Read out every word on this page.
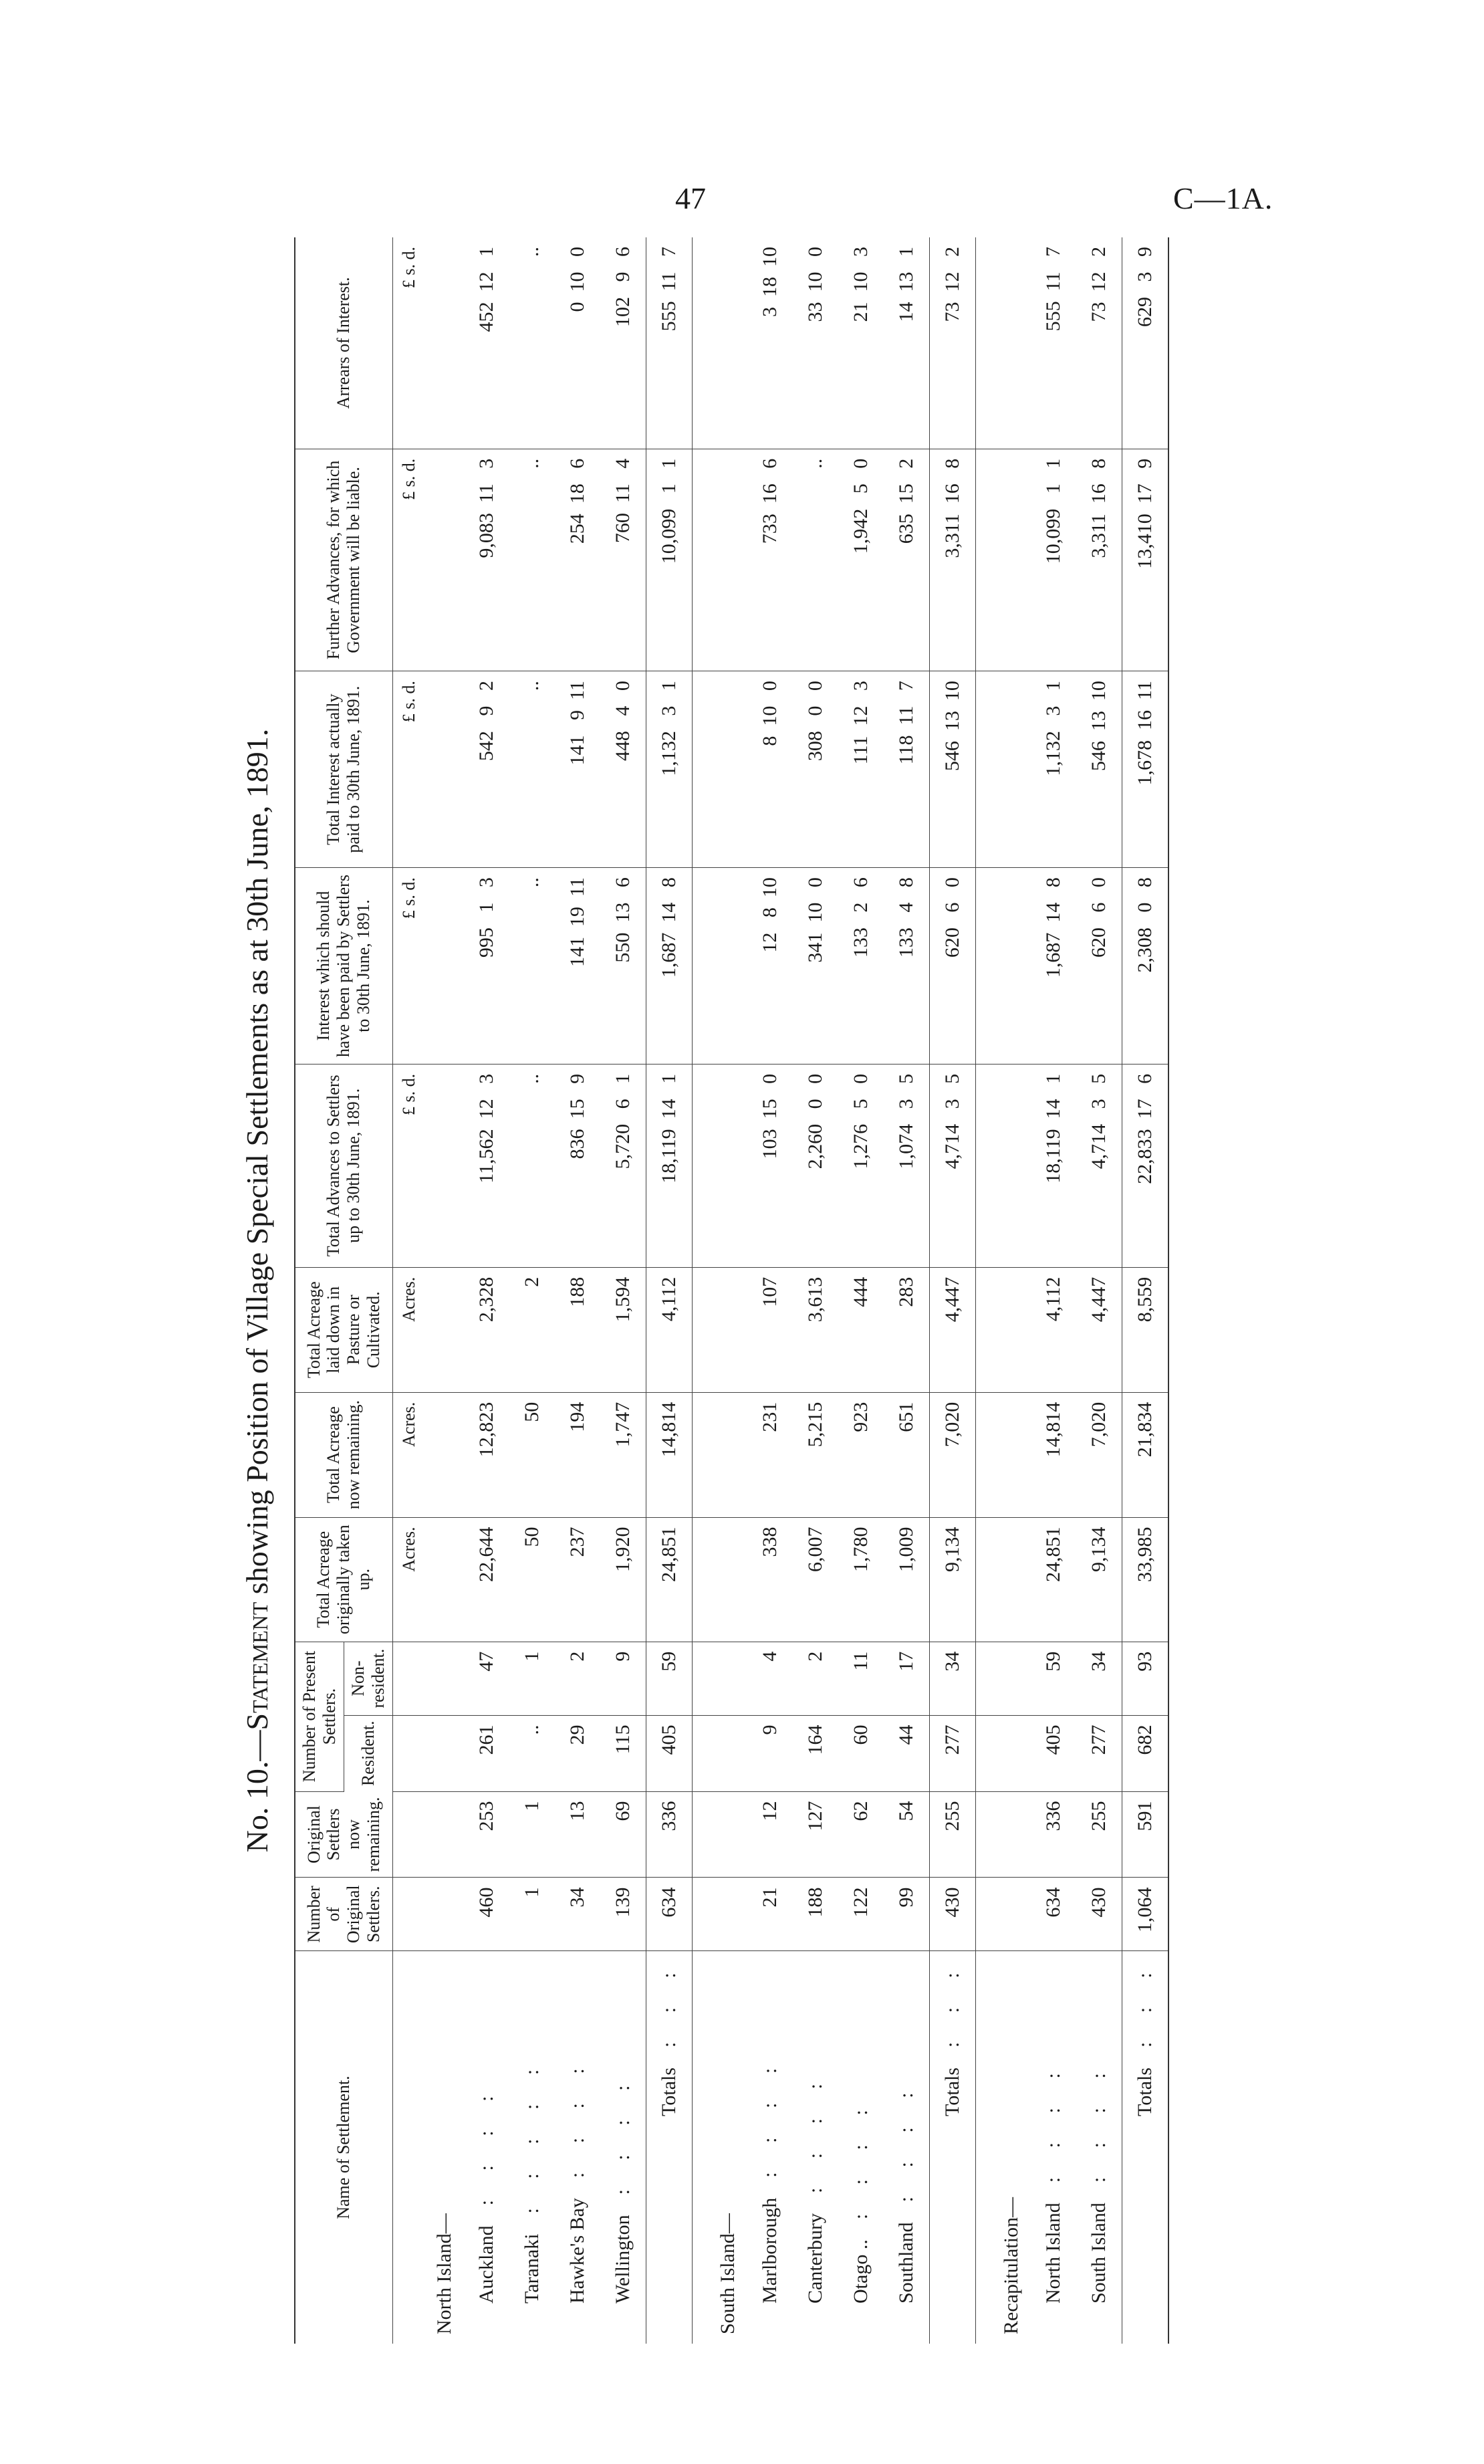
47	C—1A.
No. 10.—Statement showing Position of Village Special Settlements as at 30th June, 1891.
Name of Settlement.	Number of Original Settlers.	Original Settlers now remaining.	Number of Present Settlers.		Total Acreage originally taken up.	Total Acreage now remaining.	Total Acreage laid down in Pasture or Cultivated.	Total Advances to Settlers up to 30th June, 1891.	Interest which should have been paid by Settlers to 30th June, 1891.	Total Interest actually paid to 30th June, 1891.	Further Advances, for which Government will be liable.	Arrears of Interest.
			Resident.	Non-resident.								
					Acres.	Acres.	Acres.	£ s. d.	£ s. d.	£ s. d.	£ s. d.	£ s. d.
North Island—												
Auckland: : : :	460	253	261	47	22,644	12,823	2,328	11,562  12   3	995   1   3	542   9   2	9,083  11   3	452  12   1
Taranaki: : : : :	1	1	..	1	50	50	2	..	..	..	..	..
Hawke's Bay: : : :	34	13	29	2	237	194	188	836  15   9	141  19  11	141   9  11	254  18   6	0  10   0
Wellington: : : :	139	69	115	9	1,920	1,747	1,594	5,720   6   1	550  13   6	448   4   0	760  11   4	102   9   6
Totals: : :	634	336	405	59	24,851	14,814	4,112	18,119  14   1	1,687  14   8	1,132   3   1	10,099   1   1	555  11   7

South Island—												
Marlborough: : : :	21	12	9	4	338	231	107	103  15   0	12   8  10	8  10   0	733  16   6	3  18  10
Canterbury: : : :	188	127	164	2	6,007	5,215	3,613	2,260   0   0	341  10   0	308   0   0	..	33  10   0
Otago ..: : : :	122	62	60	11	1,780	923	444	1,276   5   0	133   2   6	111  12   3	1,942   5   0	21  10   3
Southland: : : :	99	54	44	17	1,009	651	283	1,074   3   5	133   4   8	118  11   7	635  15   2	14  13   1
Totals: : :	430	255	277	34	9,134	7,020	4,447	4,714   3   5	620   6   0	546  13  10	3,311  16   8	73  12   2

Recapitulation—												
North Island: : : :	634	336	405	59	24,851	14,814	4,112	18,119  14   1	1,687  14   8	1,132   3   1	10,099   1   1	555  11   7
South Island: : : :	430	255	277	34	9,134	7,020	4,447	4,714   3   5	620   6   0	546  13  10	3,311  16   8	73  12   2
Totals: : :	1,064	591	682	93	33,985	21,834	8,559	22,833  17   6	2,308   0   8	1,678  16  11	13,410  17   9	629   3   9
